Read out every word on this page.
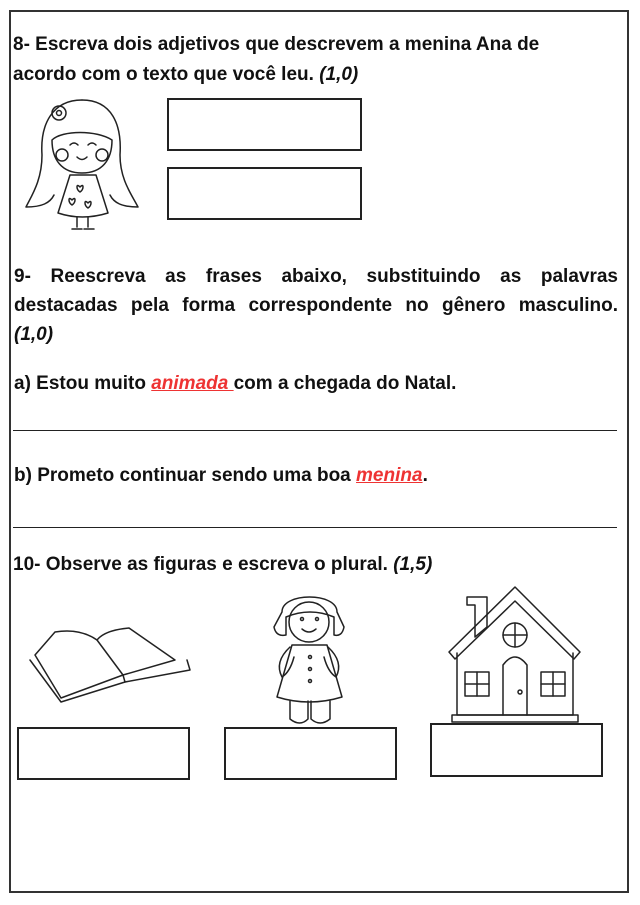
8- Escreva dois adjetivos que descrevem a menina Ana de
acordo com o texto que você leu. (1,0)
9- Reescreva as frases abaixo, substituindo as palavras
destacadas pela forma correspondente no gênero masculino.
(1,0)
a) Estou muito animada com a chegada do Natal.
b) Prometo continuar sendo uma boa menina.
10- Observe as figuras e escreva o plural. (1,5)
